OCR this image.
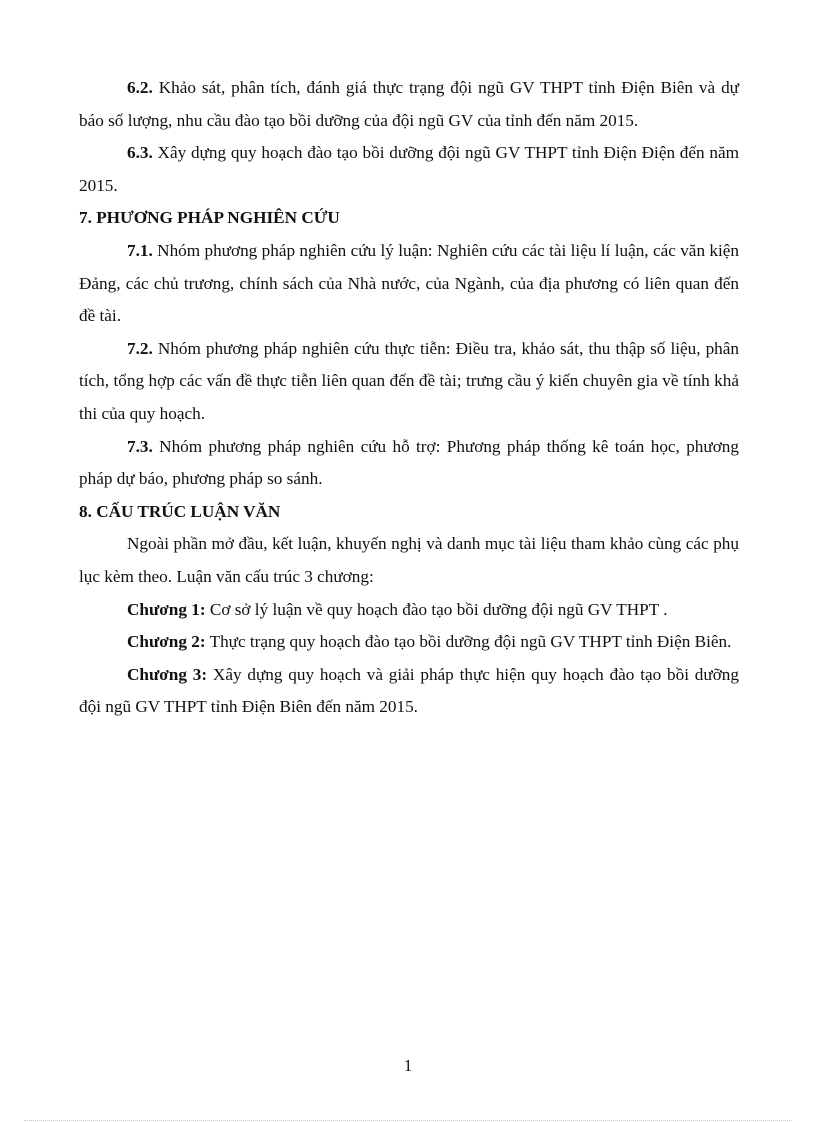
6.2. Khảo sát, phân tích, đánh giá thực trạng đội ngũ GV THPT tỉnh Điện Biên và dự báo số lượng, nhu cầu đào tạo bồi dưỡng của đội ngũ GV của tỉnh đến năm 2015.

6.3. Xây dựng quy hoạch đào tạo bồi dưỡng đội ngũ GV THPT tỉnh Điện Điện đến năm 2015.

7. PHƯƠNG PHÁP NGHIÊN CỨU

7.1. Nhóm phương pháp nghiên cứu lý luận: Nghiên cứu các tài liệu lí luận, các văn kiện Đảng, các chủ trương, chính sách của Nhà nước, của Ngành, của địa phương có liên quan đến đề tài.

7.2. Nhóm phương pháp nghiên cứu thực tiễn: Điều tra, khảo sát, thu thập số liệu, phân tích, tổng hợp các vấn đề thực tiễn liên quan đến đề tài; trưng cầu ý kiến chuyên gia về tính khả thi của quy hoạch.

7.3. Nhóm phương pháp nghiên cứu hỗ trợ: Phương pháp thống kê toán học, phương pháp dự báo, phương pháp so sánh.

8. CẤU TRÚC LUẬN VĂN

Ngoài phần mở đầu, kết luận, khuyến nghị và danh mục tài liệu tham khảo cùng các phụ lục kèm theo. Luận văn cấu trúc 3 chương:

Chương 1: Cơ sở lý luận về quy hoạch đào tạo bồi dưỡng đội ngũ GV THPT .

Chương 2: Thực trạng quy hoạch đào tạo bồi dưỡng đội ngũ GV THPT tỉnh Điện Biên.

Chương 3: Xây dựng quy hoạch và giải pháp thực hiện quy hoạch đào tạo bồi dưỡng đội ngũ GV THPT tỉnh Điện Biên đến năm 2015.

1
